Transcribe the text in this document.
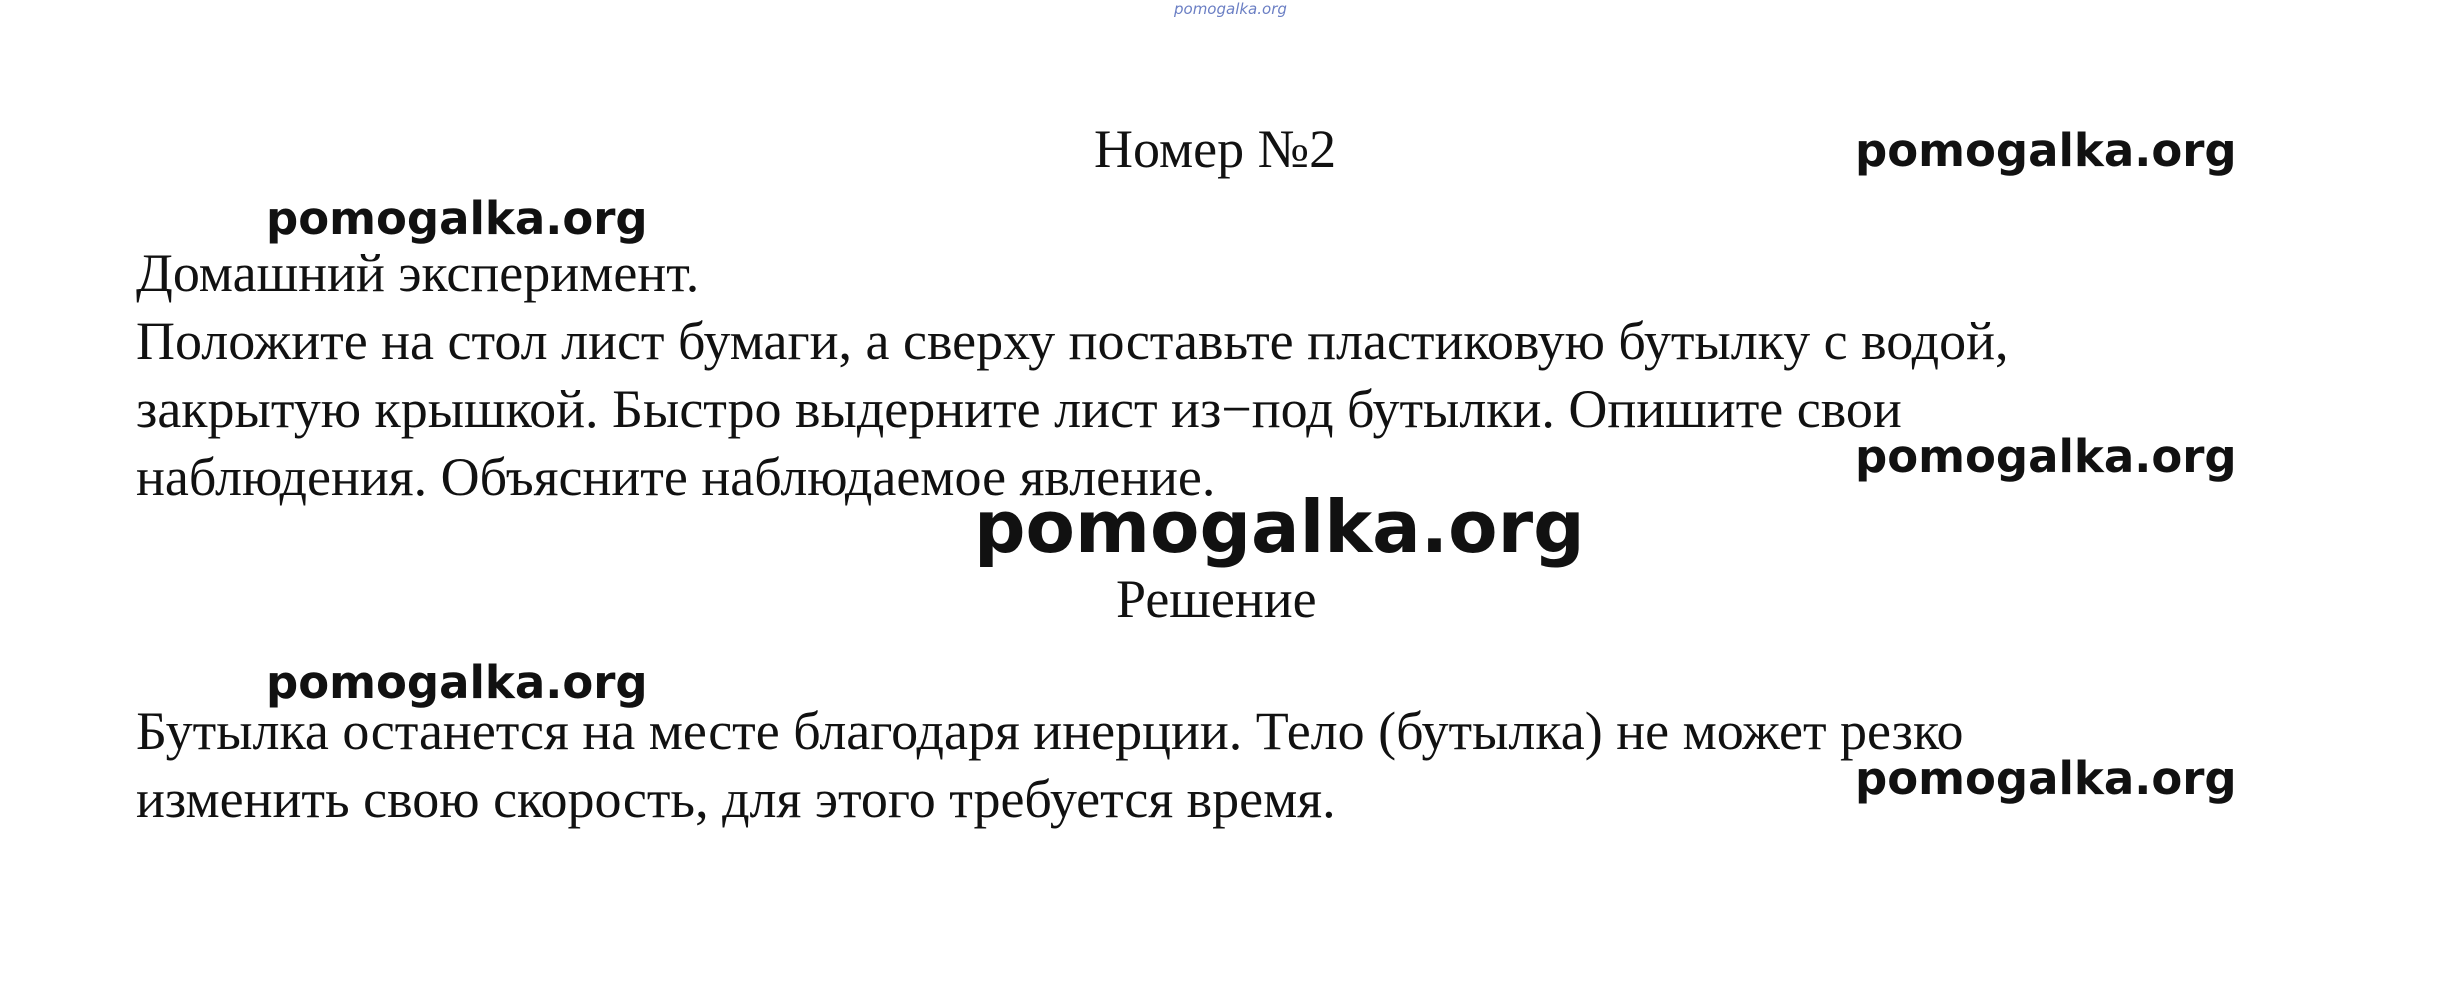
pomogalka.org
Номер №2	pomogalka.org
pomogalka.org
Домашний эксперимент.
Положите на стол лист бумаги, а сверху поставьте пластиковую бутылку с водой,
закрытую крышкой. Быстро выдерните лист из−под бутылки. Опишите свои
наблюдения. Объясните наблюдаемое явление.	pomogalka.org
pomogalka.org
Решение
pomogalka.org
Бутылка останется на месте благодаря инерции. Тело (бутылка) не может резко
изменить свою скорость, для этого требуется время.	pomogalka.org
